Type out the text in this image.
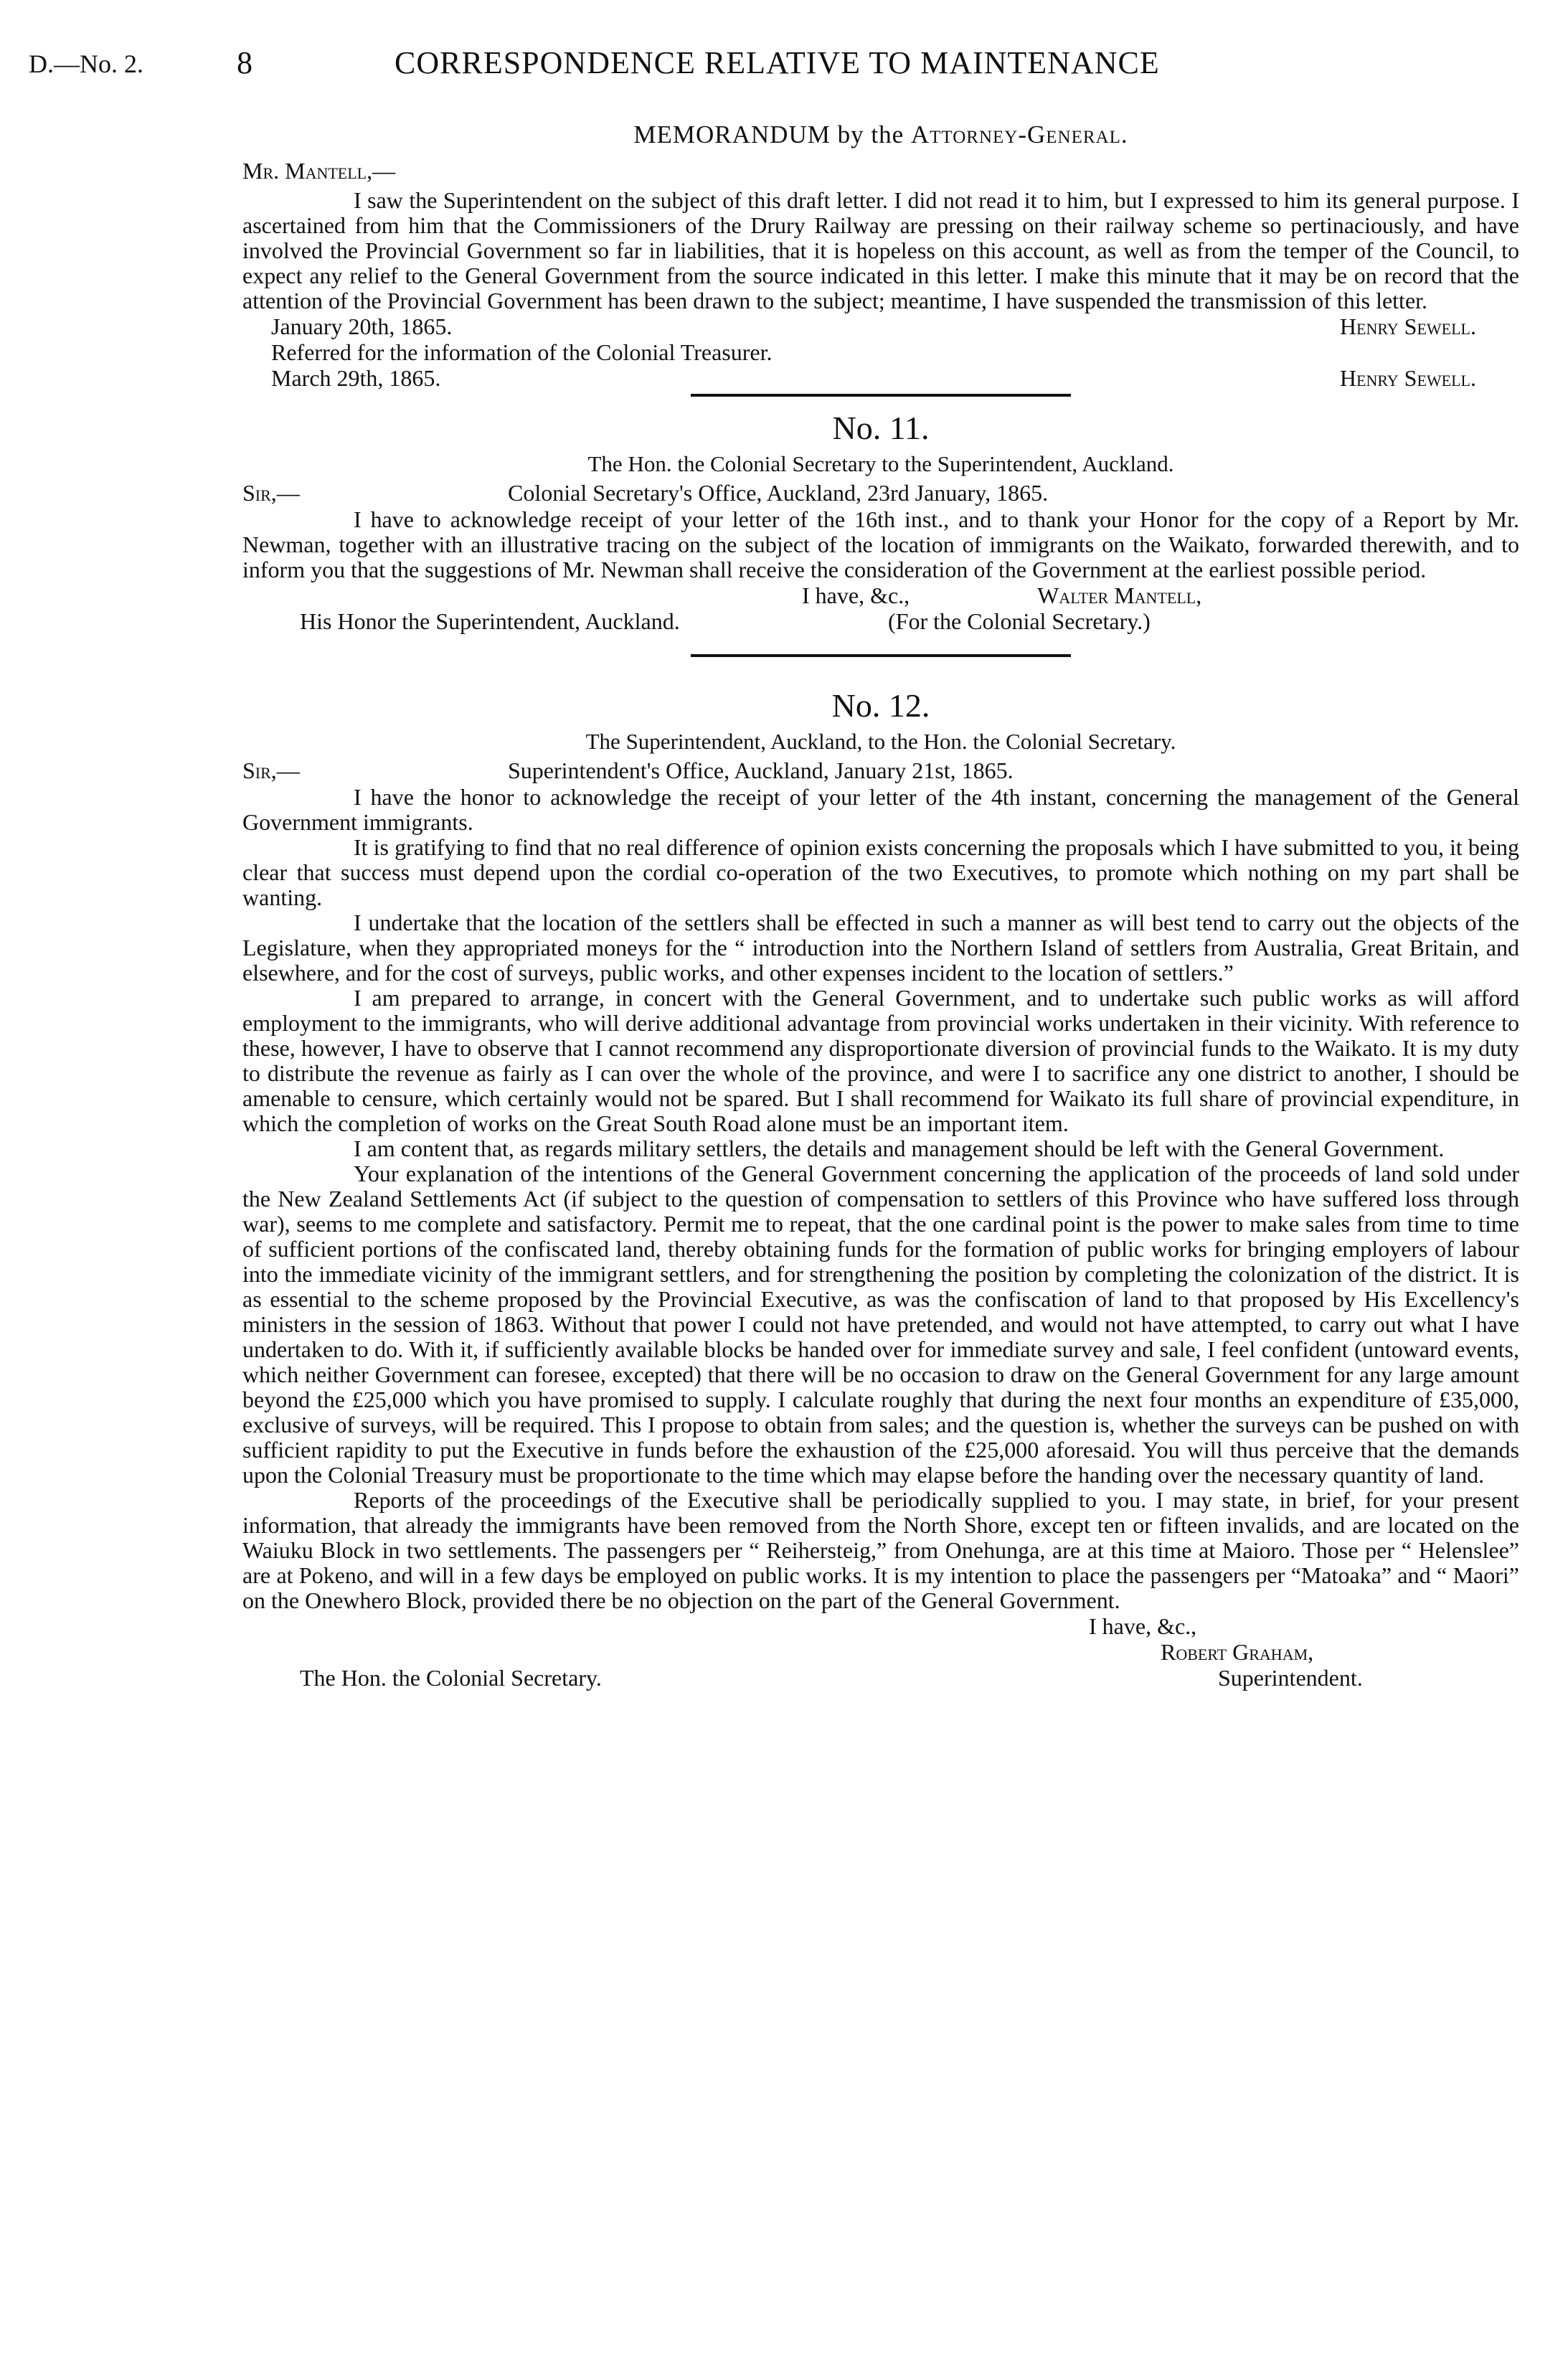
D.—No. 2.	8	CORRESPONDENCE RELATIVE TO MAINTENANCE
MEMORANDUM by the Attorney-General.
Mr. Mantell,—

I saw the Superintendent on the subject of this draft letter. I did not read it to him, but I expressed to him its general purpose. I ascertained from him that the Commissioners of the Drury Railway are pressing on their railway scheme so pertinaciously, and have involved the Provincial Government so far in liabilities, that it is hopeless on this account, as well as from the temper of the Council, to expect any relief to the General Government from the source indicated in this letter. I make this minute that it may be on record that the attention of the Provincial Government has been drawn to the subject; meantime, I have suspended the transmission of this letter.

January 20th, 1865.	Henry Sewell.
Referred for the information of the Colonial Treasurer.
March 29th, 1865.	Henry Sewell.
No. 11.
The Hon. the Colonial Secretary to the Superintendent, Auckland.
Sir,—	Colonial Secretary's Office, Auckland, 23rd January, 1865.

I have to acknowledge receipt of your letter of the 16th inst., and to thank your Honor for the copy of a Report by Mr. Newman, together with an illustrative tracing on the subject of the location of immigrants on the Waikato, forwarded therewith, and to inform you that the suggestions of Mr. Newman shall receive the consideration of the Government at the earliest possible period.

I have, &c.,	Walter Mantell,
His Honor the Superintendent, Auckland.	(For the Colonial Secretary.)
No. 12.
The Superintendent, Auckland, to the Hon. the Colonial Secretary.
Sir,—	Superintendent's Office, Auckland, January 21st, 1865.

I have the honor to acknowledge the receipt of your letter of the 4th instant, concerning the management of the General Government immigrants.

It is gratifying to find that no real difference of opinion exists concerning the proposals which I have submitted to you, it being clear that success must depend upon the cordial co-operation of the two Executives, to promote which nothing on my part shall be wanting.

I undertake that the location of the settlers shall be effected in such a manner as will best tend to carry out the objects of the Legislature, when they appropriated moneys for the “ introduction into the Northern Island of settlers from Australia, Great Britain, and elsewhere, and for the cost of surveys, public works, and other expenses incident to the location of settlers.”

I am prepared to arrange, in concert with the General Government, and to undertake such public works as will afford employment to the immigrants, who will derive additional advantage from provincial works undertaken in their vicinity. With reference to these, however, I have to observe that I cannot recommend any disproportionate diversion of provincial funds to the Waikato. It is my duty to distribute the revenue as fairly as I can over the whole of the province, and were I to sacrifice any one district to another, I should be amenable to censure, which certainly would not be spared. But I shall recommend for Waikato its full share of provincial expenditure, in which the completion of works on the Great South Road alone must be an important item.

I am content that, as regards military settlers, the details and management should be left with the General Government.

Your explanation of the intentions of the General Government concerning the application of the proceeds of land sold under the New Zealand Settlements Act (if subject to the question of compensation to settlers of this Province who have suffered loss through war), seems to me complete and satisfactory. Permit me to repeat, that the one cardinal point is the power to make sales from time to time of sufficient portions of the confiscated land, thereby obtaining funds for the formation of public works for bringing employers of labour into the immediate vicinity of the immigrant settlers, and for strengthening the position by completing the colonization of the district. It is as essential to the scheme proposed by the Provincial Executive, as was the confiscation of land to that proposed by His Excellency's ministers in the session of 1863. Without that power I could not have pretended, and would not have attempted, to carry out what I have undertaken to do. With it, if sufficiently available blocks be handed over for immediate survey and sale, I feel confident (untoward events, which neither Government can foresee, excepted) that there will be no occasion to draw on the General Government for any large amount beyond the £25,000 which you have promised to supply. I calculate roughly that during the next four months an expenditure of £35,000, exclusive of surveys, will be required. This I propose to obtain from sales; and the question is, whether the surveys can be pushed on with sufficient rapidity to put the Executive in funds before the exhaustion of the £25,000 aforesaid. You will thus perceive that the demands upon the Colonial Treasury must be proportionate to the time which may elapse before the handing over the necessary quantity of land.

Reports of the proceedings of the Executive shall be periodically supplied to you. I may state, in brief, for your present information, that already the immigrants have been removed from the North Shore, except ten or fifteen invalids, and are located on the Waiuku Block in two settlements. The passengers per “ Reihersteig,” from Onehunga, are at this time at Maioro. Those per “ Helenslee” are at Pokeno, and will in a few days be employed on public works. It is my intention to place the passengers per “Matoaka” and “ Maori” on the Onewhero Block, provided there be no objection on the part of the General Government.

I have, &c.,
Robert Graham,
The Hon. the Colonial Secretary.	Superintendent.
